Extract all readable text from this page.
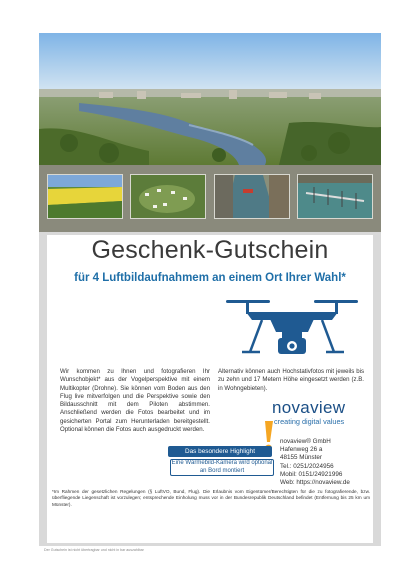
Geschenk-Gutschein
für 4 Luftbildaufnahmem an einem Ort Ihrer Wahl*
Wir kommen zu Ihnen und fotografieren Ihr Wunschobjekt* aus der Vogelperspektive mit einem Multikopter (Drohne). Sie können vom Boden aus den Flug live mitverfolgen und die Perspektive sowie den Bildausschnitt mit dem Piloten abstimmen. Anschließend werden die Fotos bearbeitet und im gesicherten Portal zum Herunterladen bereitgestellt. Optional können die Fotos auch ausgedruckt werden.
Alternativ können auch Hochstativfotos mit jeweils bis zu zehn und 17 Metern Höhe eingesetzt werden (z.B. in Wohngebieten).
novaview
creating digital values
novaview® GmbH
Hafenweg 26 a
48155 Münster
Tel.: 0251/2024956
Mobil: 0151/24921996
Web: https://novaview.de
Das besondere Highlight
Eine Wärmebild-Kamera wird optional an Bord montiert
*Im Rahmen der gesetzlichen Regelungen (§ LuftVO, Bund, Flug). Die Erlaubnis vom Eigentümer/Berechtigten für die zu fotografierende, bzw. überfliegende Liegenschaft ist vorzulegen; entsprechende Einholung muss vor in der Bundesrepublik Deutschland befindet (Entfernung bis 25 km um Münster).
Der Gutschein ist nicht übertragbar und nicht in bar auszahlbar
